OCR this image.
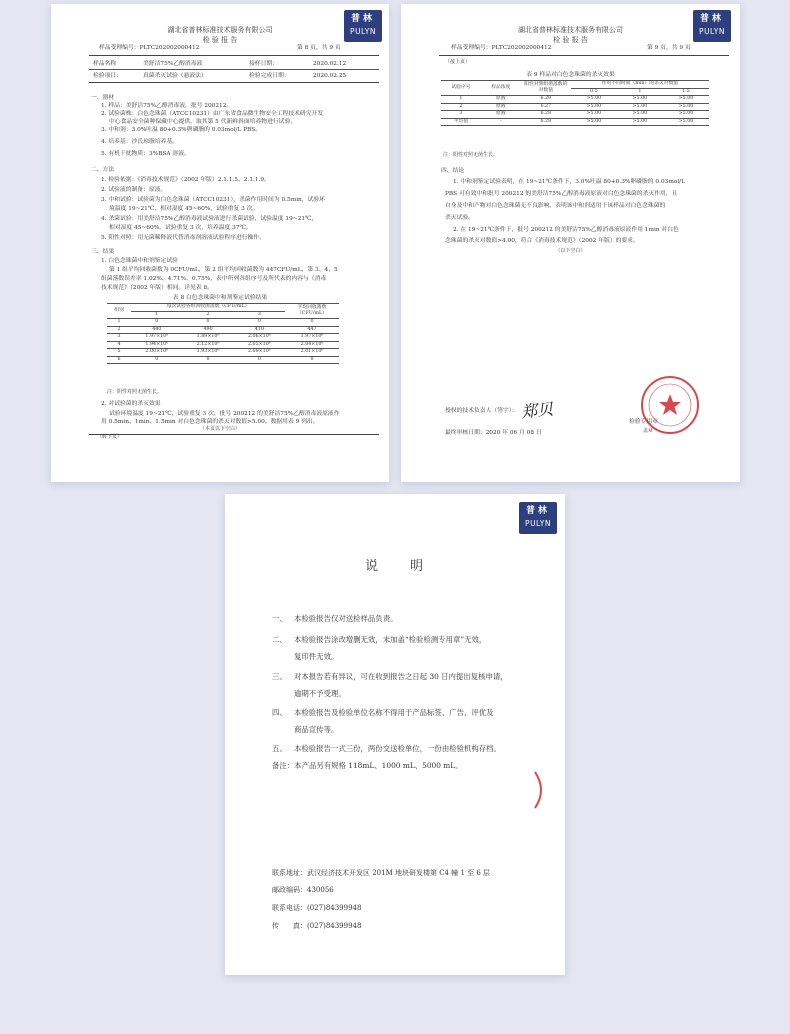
普林
PULYN
湖北省普林标准技术服务有限公司
检 验 报 告
样品受理编号：PLTC202002000412	第 8 页，共 9 页
样品名称	美舒洁75%乙醇消毒液	接样日期：	2020.02.12
检验项目：	真菌杀灭试验（悬液法）	检验完成日期：	2020.02.25
一、器材
1. 样品：美舒洁75%乙醇消毒液，批号 200212。
2. 试验菌株：白色念珠菌（ATCC10231）由广东省食品微生物安全工程技术研究开发
中心食品安全菌种保藏中心提供，取其第 5 代新鲜斜面培养物进行试验。
3. 中和剂：3.0%吐温 80+0.3%卵磷脂的 0.03mol/L PBS。
4. 培养基：沙氏琼脂培养基。
5. 有机干扰物质：3%BSA 溶液。
二、方法
1. 检验依据：《消毒技术规范》（2002 年版）2.1.1.5、2.1.1.9。
2. 试验液的制备：原液。
3. 中和试验：试验菌为白色念珠菌（ATCC10231），杀菌作用时间为 0.5min，试验环
境温度 19~21℃，相对湿度 45~60%，试验重复 3 次。
4. 杀菌试验：用美舒洁75%乙醇消毒液试验液进行杀菌试验，试验温度 19~21℃，
相对湿度 45~60%，试验重复 3 次，培养温度 37℃。
5. 阳性对照：用无菌稀释液代替消毒剂溶液试验程序进行操作。
三、结果
1. 白色念珠菌中和剂鉴定试验
第 1 组平均回收菌数为 0CFU/mL，第 2 组平均回收菌数为 447CFU/mL，第 3、4、5
组菌落数误差率 1.02%、4.71%、0.75%，表中所列各组序号及所代表的内容与《消毒
技术规范》（2002 年版）相同。详见表 8。
表 8 白色念珠菌中和剂鉴定试验结果
组别	每次试验各组回收菌落数（CFU/mL）			平均回收菌数（CFU/mL）
	1	2	3	
1	0	0	0	0
2	440	490	410	447
3	1.97×10⁶	1.89×10⁶	2.06×10⁶	1.97×10⁶
4	1.94×10⁶	2.12×10⁶	2.05×10⁶	2.04×10⁶
5	2.00×10⁶	1.93×10⁶	2.09×10⁶	2.01×10⁶
6	0	0	0	0
注：阴性对照无菌生长。
2. 对试验菌的杀灭效果
试验环境温度 19~21℃，试验重复 3 次，批号 200212 的美舒洁75%乙醇消毒液原液作
用 0.5min、1min、1.5min 对白色念珠菌的杀灭对数值>5.00。数据用表 9 列出。
（本页以下空白）
（转下页）
普林
PULYN
湖北省普林标准技术服务有限公司
检 验 报 告
样品受理编号：PLTC202002000412	第 9 页，共 9 页
（接上页）
表 9 样品对白色念珠菌的杀灭效果
试验序号	样品浓度	阳性对照组菌落数的对数值	作用不同时间（min）的杀灭对数值		
			0.5	1	1.5
1	原液	6.29	>5.00	>5.00	>5.00
2	原液	6.27	>5.00	>5.00	>5.00
3	原液	6.28	>5.00	>5.00	>5.00
平均值	-	6.28	>5.00	>5.00	>5.00
注：阴性对照无菌生长。
四、结论
1. 中和剂鉴定试验表明，在 19~21℃条件下，3.0%吐温 80+0.3%卵磷脂的 0.03mol/L
PBS 可有效中和批号 200212 的美舒洁75%乙醇消毒液原液对白色念珠菌的杀灭作用，且
自身及中和产物对白色念珠菌无不良影响，表明该中和剂适用于该样品对白色念珠菌的
杀灭试验。
2. 在 19~21℃条件下，批号 200212 的美舒洁75%乙醇消毒液原液作用 1min 对白色
念珠菌的杀灭对数值>4.00，符合《消毒技术规范》（2002 年版）的要求。
（以下空白）
授权的技术负责人（签字）： 郑贝
最终审核日期：2020 年 06 月 08 日
检验专用章
盖章
普林
PULYN
说　　明
一、 本检验报告仅对送检样品负责。
二、 本检验报告涂改增删无效，未加盖“检验检测专用章”无效，
复印件无效。
三、 对本报告若有异议，可在收到报告之日起 30 日内提出复核申请，
逾期不予受理。
四、 本检验报告及检验单位名称不得用于产品标签、广告、评优及
商品宣传等。
五、 本检验报告一式三份，两份交送检单位，一份由检验机构存档。
备注：本产品另有规格 118mL、1000 mL、5000 mL。
联系地址：武汉经济技术开发区 201M 地块研发楼第 C4 幢 1 至 6 层
邮政编码：430056
联系电话：(027)84399948
传　　真：(027)84399948
